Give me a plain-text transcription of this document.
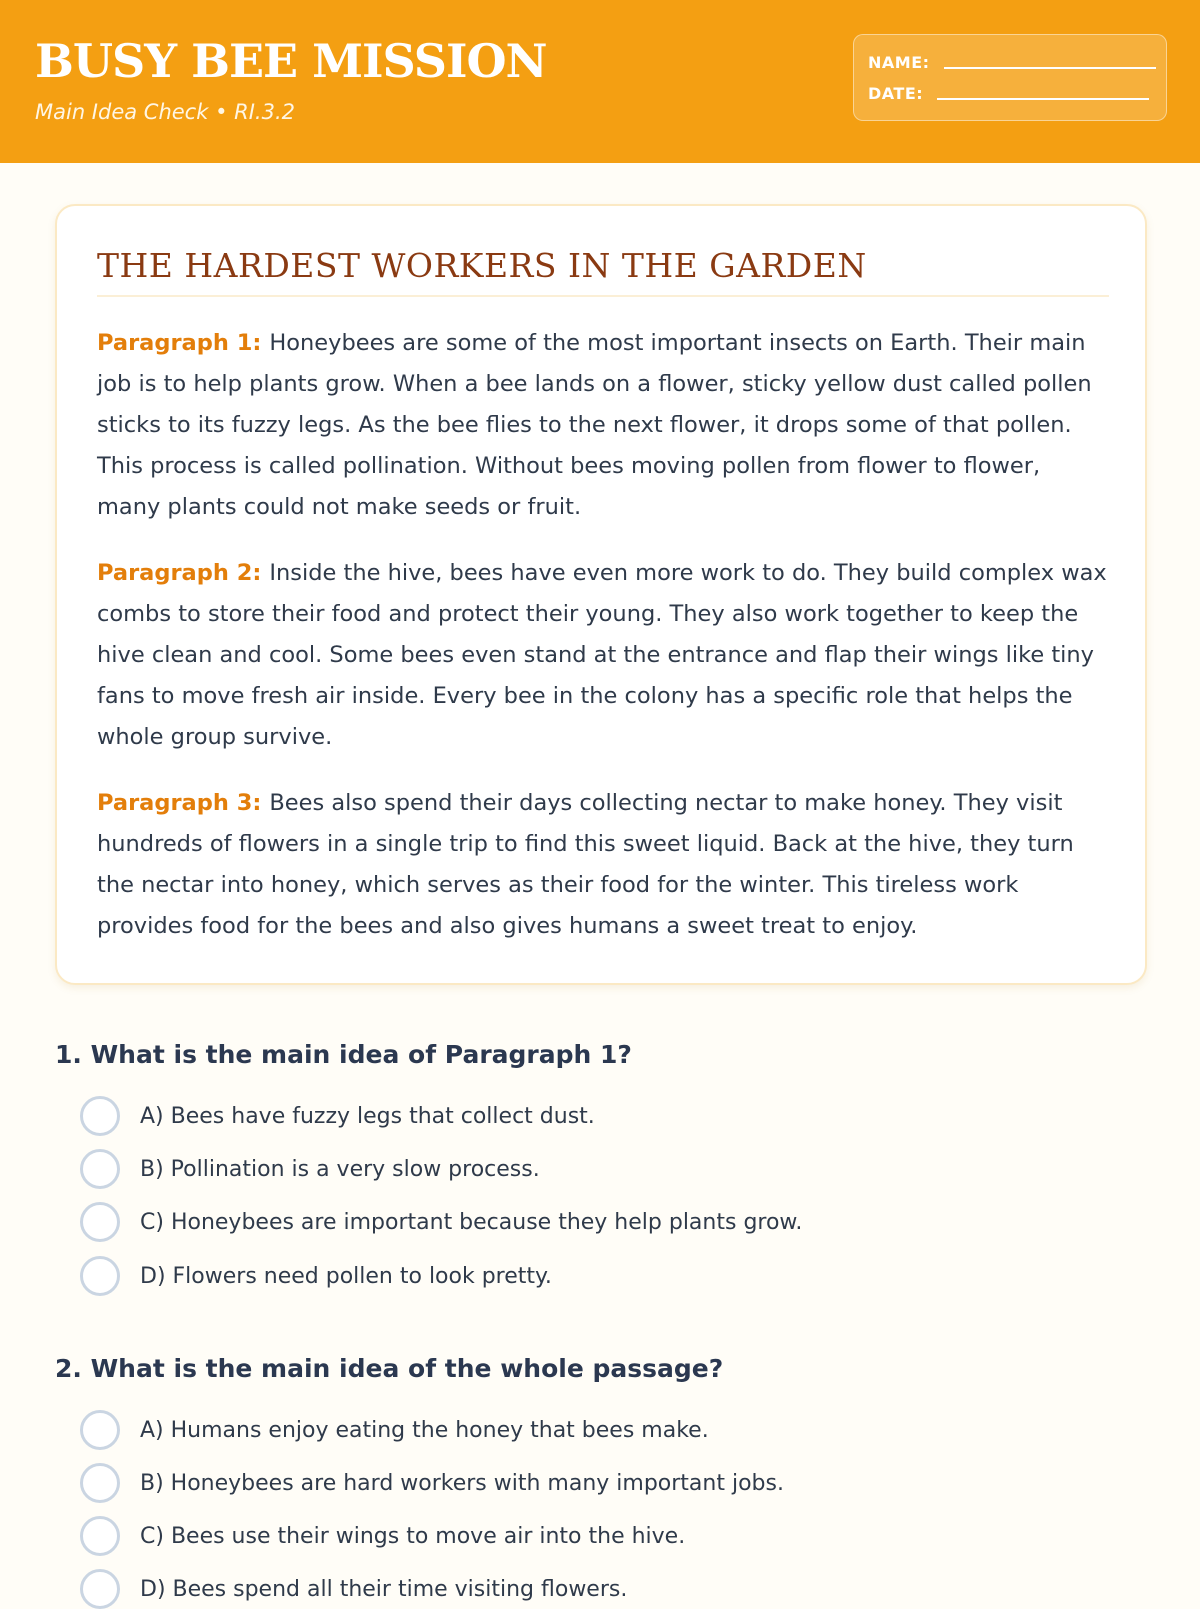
BUSY BEE MISSION
Main Idea Check • RI.3.2
NAME:
DATE:
THE HARDEST WORKERS IN THE GARDEN
Paragraph 1: Honeybees are some of the most important insects on Earth. Their main job is to help plants grow. When a bee lands on a flower, sticky yellow dust called pollen sticks to its fuzzy legs. As the bee flies to the next flower, it drops some of that pollen. This process is called pollination. Without bees moving pollen from flower to flower, many plants could not make seeds or fruit.
Paragraph 2: Inside the hive, bees have even more work to do. They build complex wax combs to store their food and protect their young. They also work together to keep the hive clean and cool. Some bees even stand at the entrance and flap their wings like tiny fans to move fresh air inside. Every bee in the colony has a specific role that helps the whole group survive.
Paragraph 3: Bees also spend their days collecting nectar to make honey. They visit hundreds of flowers in a single trip to find this sweet liquid. Back at the hive, they turn the nectar into honey, which serves as their food for the winter. This tireless work provides food for the bees and also gives humans a sweet treat to enjoy.
1. What is the main idea of Paragraph 1?
A) Bees have fuzzy legs that collect dust.
B) Pollination is a very slow process.
C) Honeybees are important because they help plants grow.
D) Flowers need pollen to look pretty.
2. What is the main idea of the whole passage?
A) Humans enjoy eating the honey that bees make.
B) Honeybees are hard workers with many important jobs.
C) Bees use their wings to move air into the hive.
D) Bees spend all their time visiting flowers.
